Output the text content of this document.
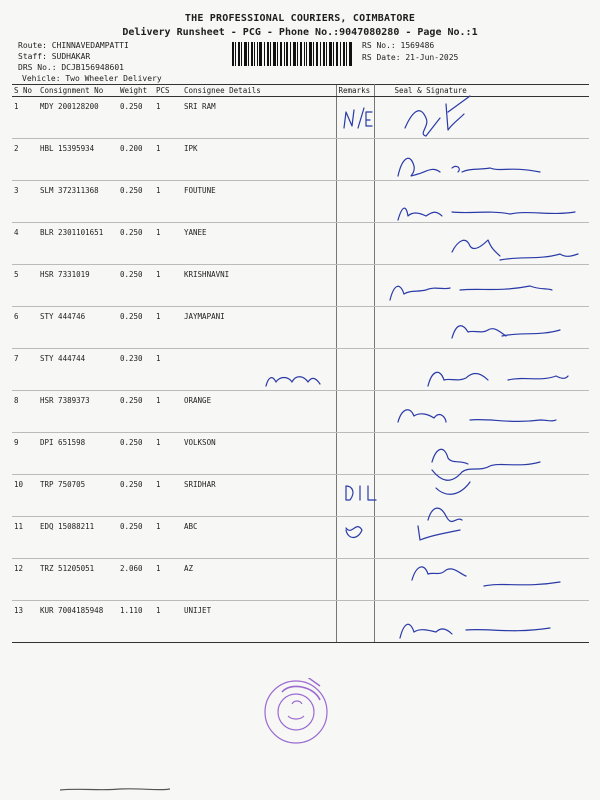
THE PROFESSIONAL COURIERS, COIMBATORE
Delivery Runsheet - PCG - Phone No.:9047080280 - Page No.:1
Route: CHINNAVEDAMPATTI
Staff: SUDHAKAR
DRS No.: DCJB156948601
Vehicle: Two Wheeler Delivery
RS No.: 1569486
RS Date: 21-Jun-2025
S No	Consignment No	Weight	PCS	Consignee Details	Remarks	Seal & Signature
1	MDY 200128200	0.250	1	SRI RAM		
2	HBL 15395934	0.200	1	IPK		
3	SLM 372311368	0.250	1	FOUTUNE		
4	BLR 2301101651	0.250	1	YANEE		
5	HSR 7331019	0.250	1	KRISHNAVNI		
6	STY 444746	0.250	1	JAYMAPANI		
7	STY 444744	0.230	1			
8	HSR 7389373	0.250	1	ORANGE		
9	DPI 651598	0.250	1	VOLKSON		
10	TRP 750705	0.250	1	SRIDHAR		
11	EDQ 15088211	0.250	1	ABC		
12	TRZ 51205051	2.060	1	AZ		
13	KUR 7004185948	1.110	1	UNIJET		
